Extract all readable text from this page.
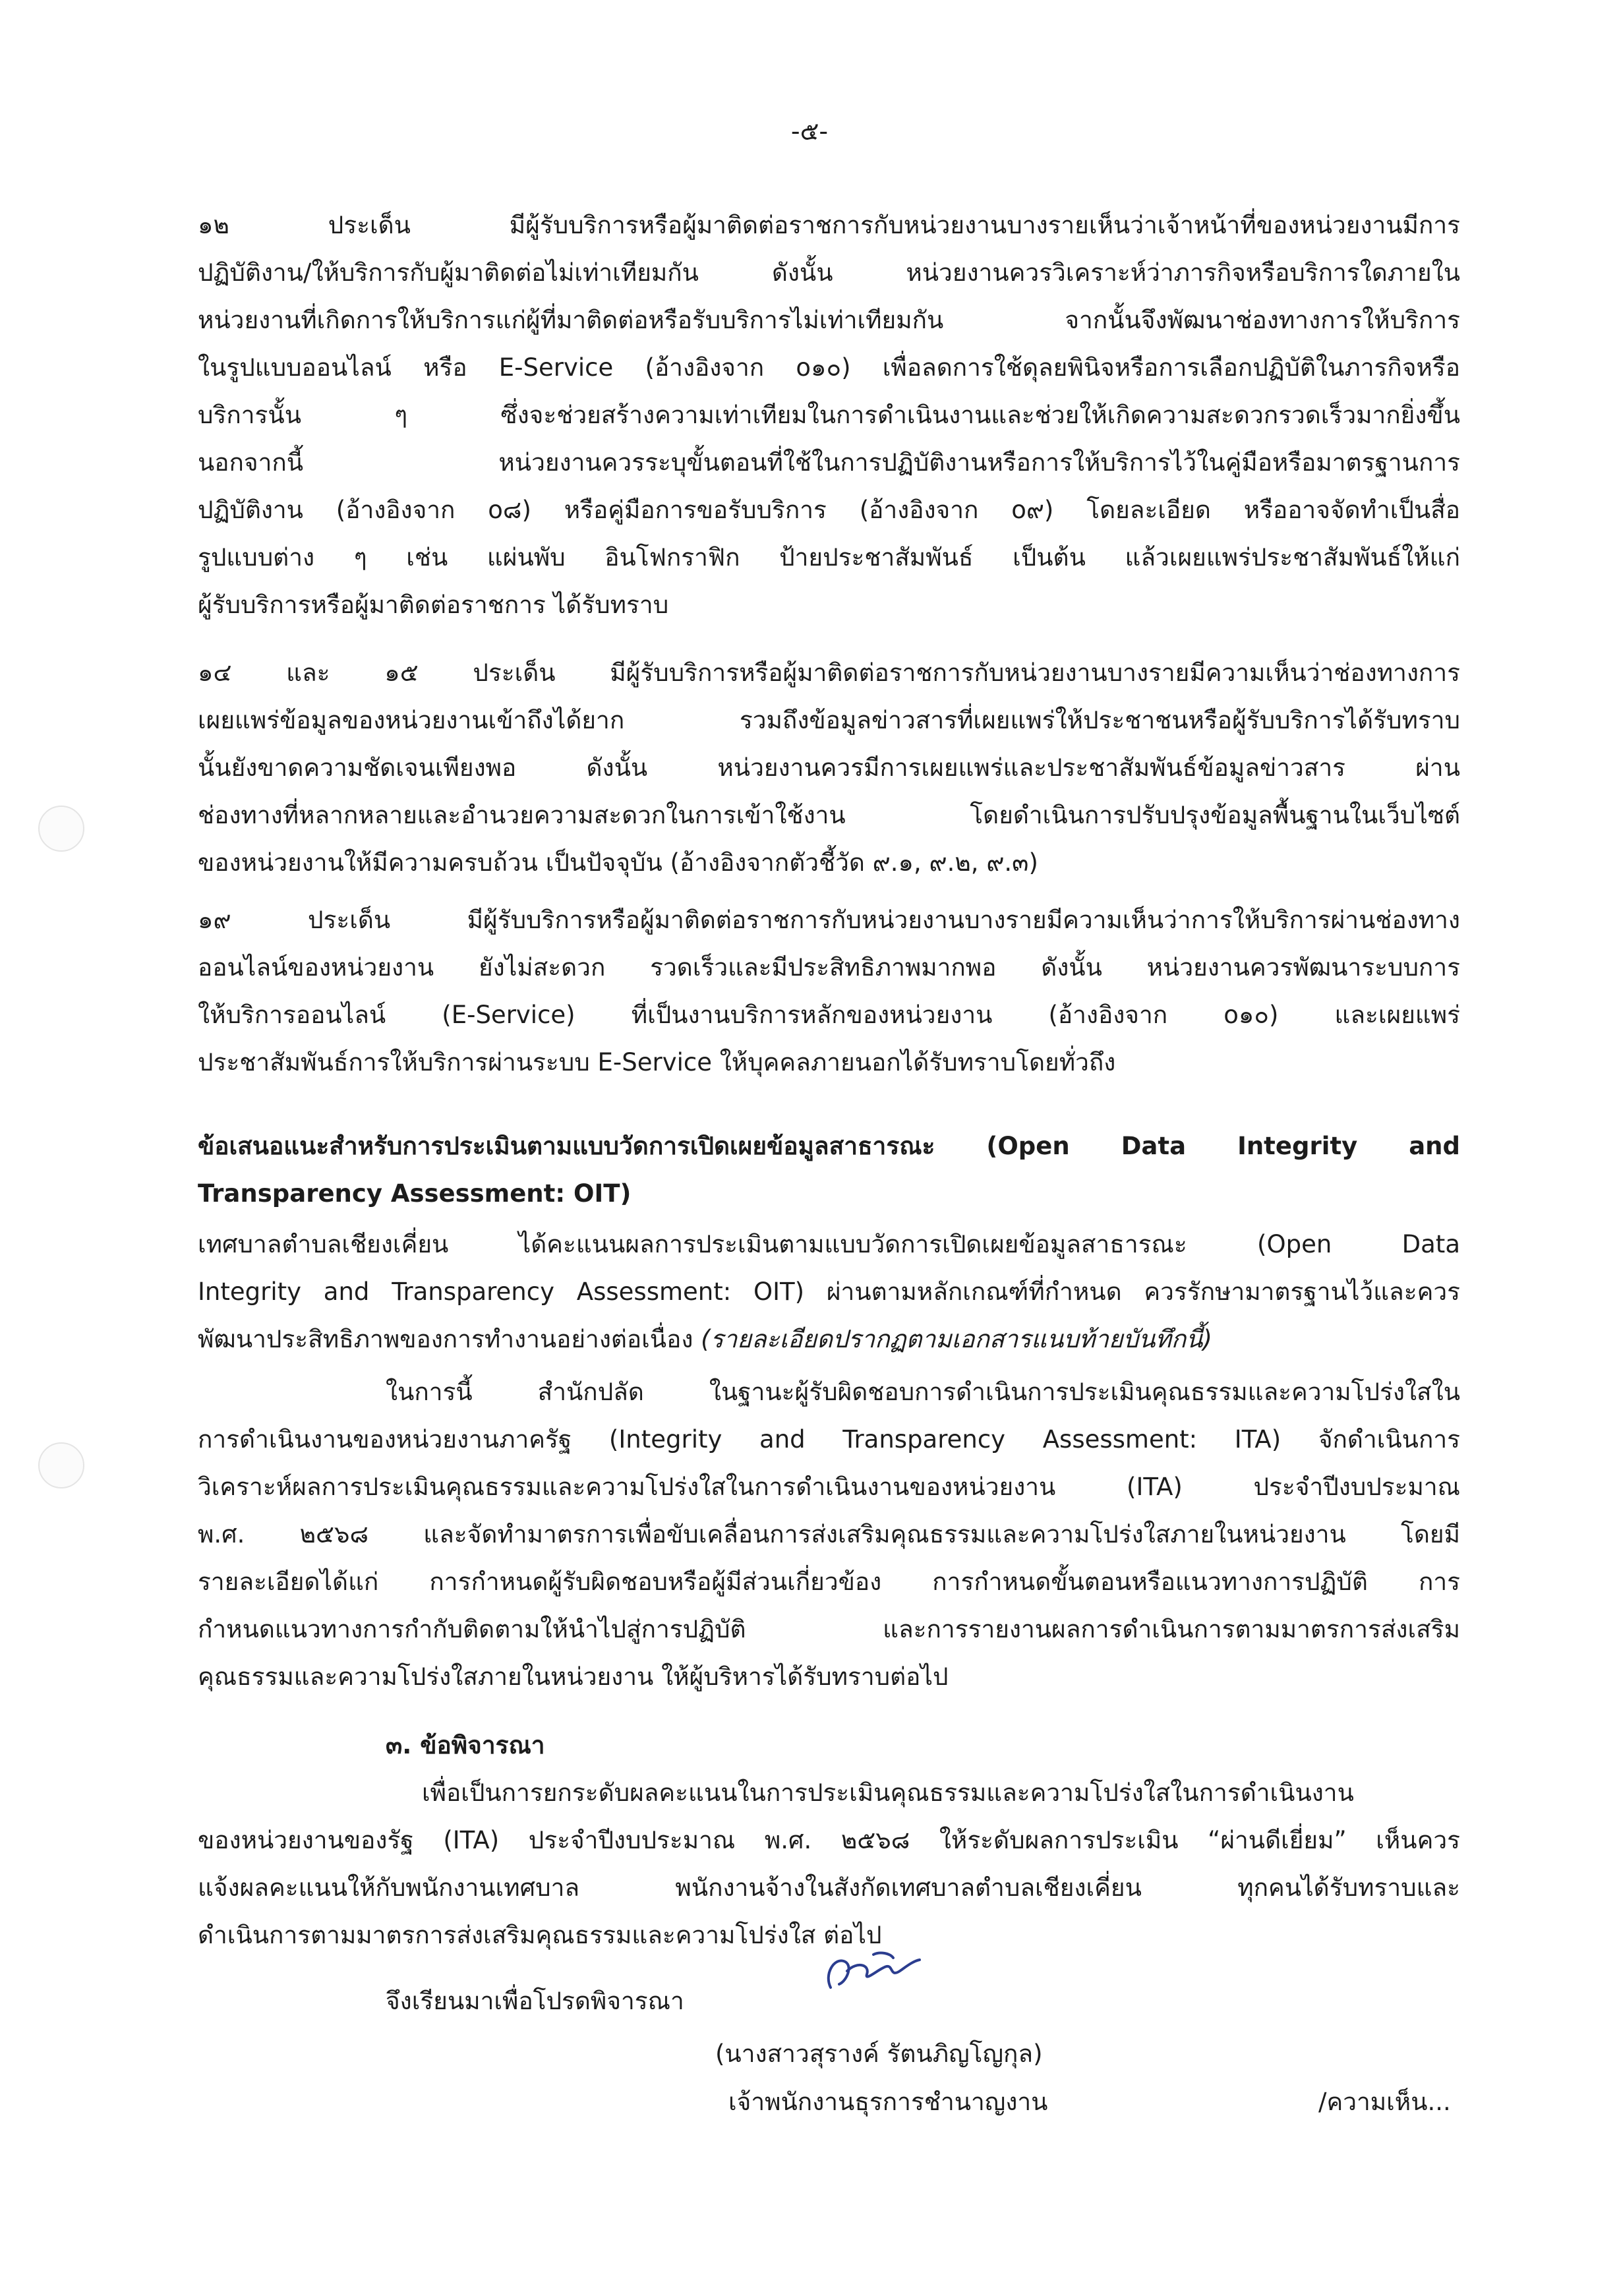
-๕-
๑๒ ประเด็น มีผู้รับบริการหรือผู้มาติดต่อราชการกับหน่วยงานบางรายเห็นว่าเจ้าหน้าที่ของหน่วยงานมีการ
ปฏิบัติงาน/ให้บริการกับผู้มาติดต่อไม่เท่าเทียมกัน ดังนั้น หน่วยงานควรวิเคราะห์ว่าภารกิจหรือบริการใดภายใน
หน่วยงานที่เกิดการให้บริการแก่ผู้ที่มาติดต่อหรือรับบริการไม่เท่าเทียมกัน จากนั้นจึงพัฒนาช่องทางการให้บริการ
ในรูปแบบออนไลน์ หรือ E-Service (อ้างอิงจาก o๑๐) เพื่อลดการใช้ดุลยพินิจหรือการเลือกปฏิบัติในภารกิจหรือ
บริการนั้น ๆ ซึ่งจะช่วยสร้างความเท่าเทียมในการดำเนินงานและช่วยให้เกิดความสะดวกรวดเร็วมากยิ่งขึ้น
นอกจากนี้ หน่วยงานควรระบุขั้นตอนที่ใช้ในการปฏิบัติงานหรือการให้บริการไว้ในคู่มือหรือมาตรฐานการ
ปฏิบัติงาน (อ้างอิงจาก o๘) หรือคู่มือการขอรับบริการ (อ้างอิงจาก o๙) โดยละเอียด หรืออาจจัดทำเป็นสื่อ
รูปแบบต่าง ๆ เช่น แผ่นพับ อินโฟกราฟิก ป้ายประชาสัมพันธ์ เป็นต้น แล้วเผยแพร่ประชาสัมพันธ์ให้แก่
ผู้รับบริการหรือผู้มาติดต่อราชการ ได้รับทราบ
๑๔ และ ๑๕ ประเด็น มีผู้รับบริการหรือผู้มาติดต่อราชการกับหน่วยงานบางรายมีความเห็นว่าช่องทางการ
เผยแพร่ข้อมูลของหน่วยงานเข้าถึงได้ยาก รวมถึงข้อมูลข่าวสารที่เผยแพร่ให้ประชาชนหรือผู้รับบริการได้รับทราบ
นั้นยังขาดความชัดเจนเพียงพอ ดังนั้น หน่วยงานควรมีการเผยแพร่และประชาสัมพันธ์ข้อมูลข่าวสาร ผ่าน
ช่องทางที่หลากหลายและอำนวยความสะดวกในการเข้าใช้งาน โดยดำเนินการปรับปรุงข้อมูลพื้นฐานในเว็บไซต์
ของหน่วยงานให้มีความครบถ้วน เป็นปัจจุบัน (อ้างอิงจากตัวชี้วัด ๙.๑, ๙.๒, ๙.๓)
๑๙ ประเด็น มีผู้รับบริการหรือผู้มาติดต่อราชการกับหน่วยงานบางรายมีความเห็นว่าการให้บริการผ่านช่องทาง
ออนไลน์ของหน่วยงาน ยังไม่สะดวก รวดเร็วและมีประสิทธิภาพมากพอ ดังนั้น หน่วยงานควรพัฒนาระบบการ
ให้บริการออนไลน์ (E-Service) ที่เป็นงานบริการหลักของหน่วยงาน (อ้างอิงจาก o๑๐) และเผยแพร่
ประชาสัมพันธ์การให้บริการผ่านระบบ E-Service ให้บุคคลภายนอกได้รับทราบโดยทั่วถึง
ข้อเสนอแนะสำหรับการประเมินตามแบบวัดการเปิดเผยข้อมูลสาธารณะ (Open Data Integrity and
Transparency Assessment: OIT)
เทศบาลตำบลเชียงเคี่ยน ได้คะแนนผลการประเมินตามแบบวัดการเปิดเผยข้อมูลสาธารณะ (Open Data
Integrity and Transparency Assessment: OIT) ผ่านตามหลักเกณฑ์ที่กำหนด ควรรักษามาตรฐานไว้และควร
พัฒนาประสิทธิภาพของการทำงานอย่างต่อเนื่อง (รายละเอียดปรากฏตามเอกสารแนบท้ายบันทึกนี้)
ในการนี้ สำนักปลัด ในฐานะผู้รับผิดชอบการดำเนินการประเมินคุณธรรมและความโปร่งใสใน
การดำเนินงานของหน่วยงานภาครัฐ (Integrity and Transparency Assessment: ITA) จักดำเนินการ
วิเคราะห์ผลการประเมินคุณธรรมและความโปร่งใสในการดำเนินงานของหน่วยงาน (ITA) ประจำปีงบประมาณ
พ.ศ. ๒๕๖๘ และจัดทำมาตรการเพื่อขับเคลื่อนการส่งเสริมคุณธรรมและความโปร่งใสภายในหน่วยงาน โดยมี
รายละเอียดได้แก่ การกำหนดผู้รับผิดชอบหรือผู้มีส่วนเกี่ยวข้อง การกำหนดขั้นตอนหรือแนวทางการปฏิบัติ การ
กำหนดแนวทางการกำกับติดตามให้นำไปสู่การปฏิบัติ และการรายงานผลการดำเนินการตามมาตรการส่งเสริม
คุณธรรมและความโปร่งใสภายในหน่วยงาน ให้ผู้บริหารได้รับทราบต่อไป
๓. ข้อพิจารณา
เพื่อเป็นการยกระดับผลคะแนนในการประเมินคุณธรรมและความโปร่งใสในการดำเนินงาน
ของหน่วยงานของรัฐ (ITA) ประจำปีงบประมาณ พ.ศ. ๒๕๖๘ ให้ระดับผลการประเมิน “ผ่านดีเยี่ยม” เห็นควร
แจ้งผลคะแนนให้กับพนักงานเทศบาล พนักงานจ้างในสังกัดเทศบาลตำบลเชียงเคี่ยน ทุกคนได้รับทราบและ
ดำเนินการตามมาตรการส่งเสริมคุณธรรมและความโปร่งใส ต่อไป
จึงเรียนมาเพื่อโปรดพิจารณา
(นางสาวสุรางค์ รัตนภิญโญกุล)
เจ้าพนักงานธุรการชำนาญงาน	/ความเห็น...
